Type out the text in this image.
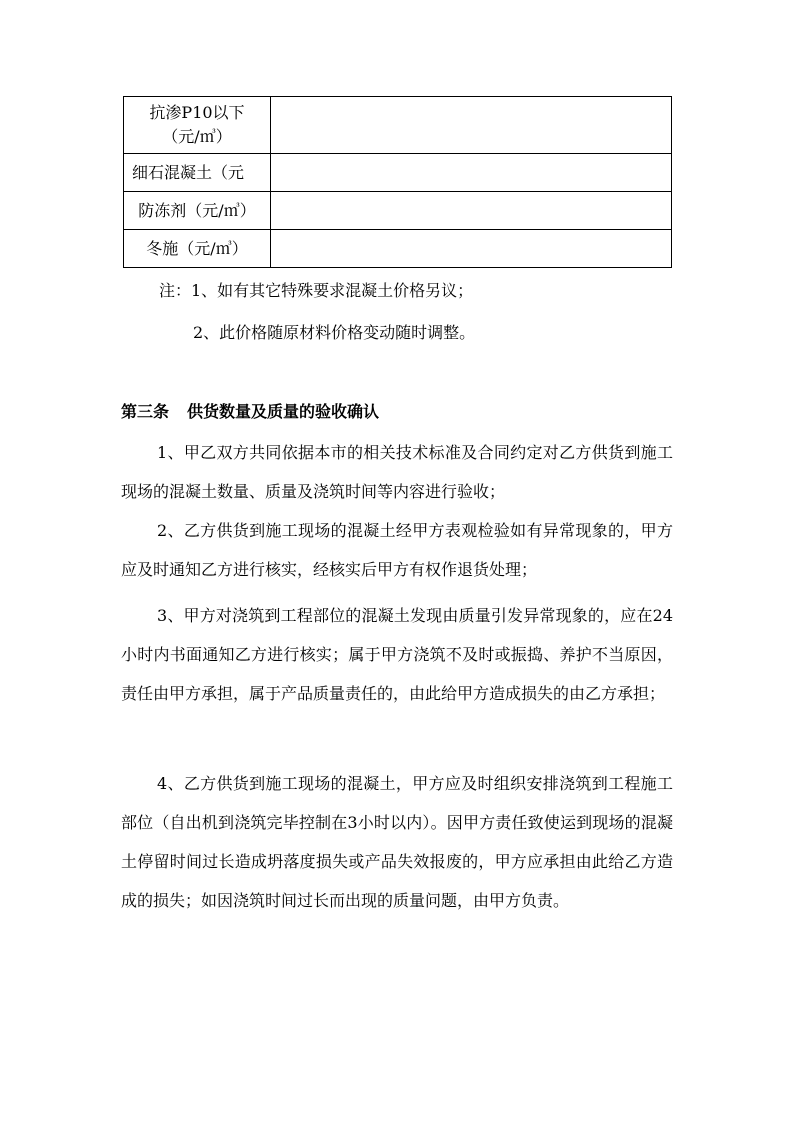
抗渗P10以下
（元/㎥）	

细石混凝土（元	
防冻剂（元/㎥）	
冬施（元/㎥）	
注：1、如有其它特殊要求混凝土价格另议；
2、此价格随原材料价格变动随时调整。
第三条 供货数量及质量的验收确认

1、甲乙双方共同依据本市的相关技术标准及合同约定对乙方供货到施工现场的混凝土数量、质量及浇筑时间等内容进行验收；

2、乙方供货到施工现场的混凝土经甲方表观检验如有异常现象的，甲方应及时通知乙方进行核实，经核实后甲方有权作退货处理；

3、甲方对浇筑到工程部位的混凝土发现由质量引发异常现象的，应在24小时内书面通知乙方进行核实；属于甲方浇筑不及时或振捣、养护不当原因，责任由甲方承担，属于产品质量责任的，由此给甲方造成损失的由乙方承担；

4、乙方供货到施工现场的混凝土，甲方应及时组织安排浇筑到工程施工部位（自出机到浇筑完毕控制在3小时以内）。因甲方责任致使运到现场的混凝土停留时间过长造成坍落度损失或产品失效报废的，甲方应承担由此给乙方造成的损失；如因浇筑时间过长而出现的质量问题，由甲方负责。
